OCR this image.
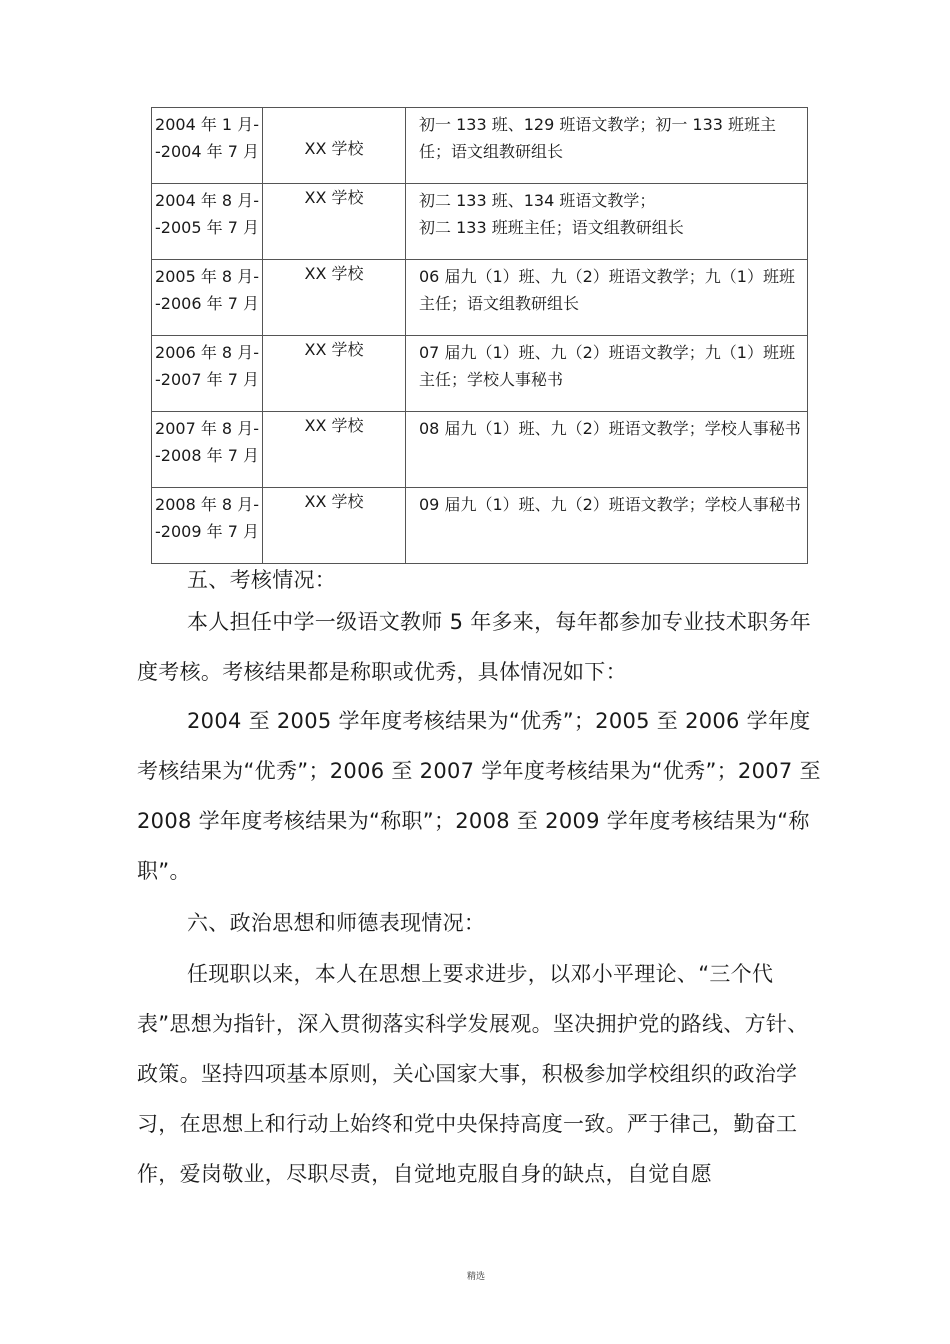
2004 年 1 月--2004 年 7 月	XX 学校	初一 133 班、129 班语文教学；初一 133 班班主任；语文组教研组长

2004 年 8 月--2005 年 7 月	XX 学校	初二 133 班、134 班语文教学；
初二 133 班班主任；语文组教研组长

2005 年 8 月--2006 年 7 月	XX 学校	06 届九（1）班、九（2）班语文教学；九（1）班班主任；语文组教研组长

2006 年 8 月--2007 年 7 月	XX 学校	07 届九（1）班、九（2）班语文教学；九（1）班班主任；学校人事秘书

2007 年 8 月--2008 年 7 月	XX 学校	08 届九（1）班、九（2）班语文教学；学校人事秘书

2008 年 8 月--2009 年 7 月	XX 学校	09 届九（1）班、九（2）班语文教学；学校人事秘书

五、考核情况：

本人担任中学一级语文教师 5 年多来，每年都参加专业技术职务年度考核。考核结果都是称职或优秀，具体情况如下：

2004 至 2005 学年度考核结果为“优秀”；2005 至 2006 学年度考核结果为“优秀”；2006 至 2007 学年度考核结果为“优秀”；2007 至 2008 学年度考核结果为“称职”；2008 至 2009 学年度考核结果为“称职”。

六、政治思想和师德表现情况：

任现职以来，本人在思想上要求进步，以邓小平理论、“三个代表”思想为指针，深入贯彻落实科学发展观。坚决拥护党的路线、方针、政策。坚持四项基本原则，关心国家大事，积极参加学校组织的政治学习，在思想上和行动上始终和党中央保持高度一致。严于律己，勤奋工作，爱岗敬业，尽职尽责，自觉地克服自身的缺点，自觉自愿

精选
